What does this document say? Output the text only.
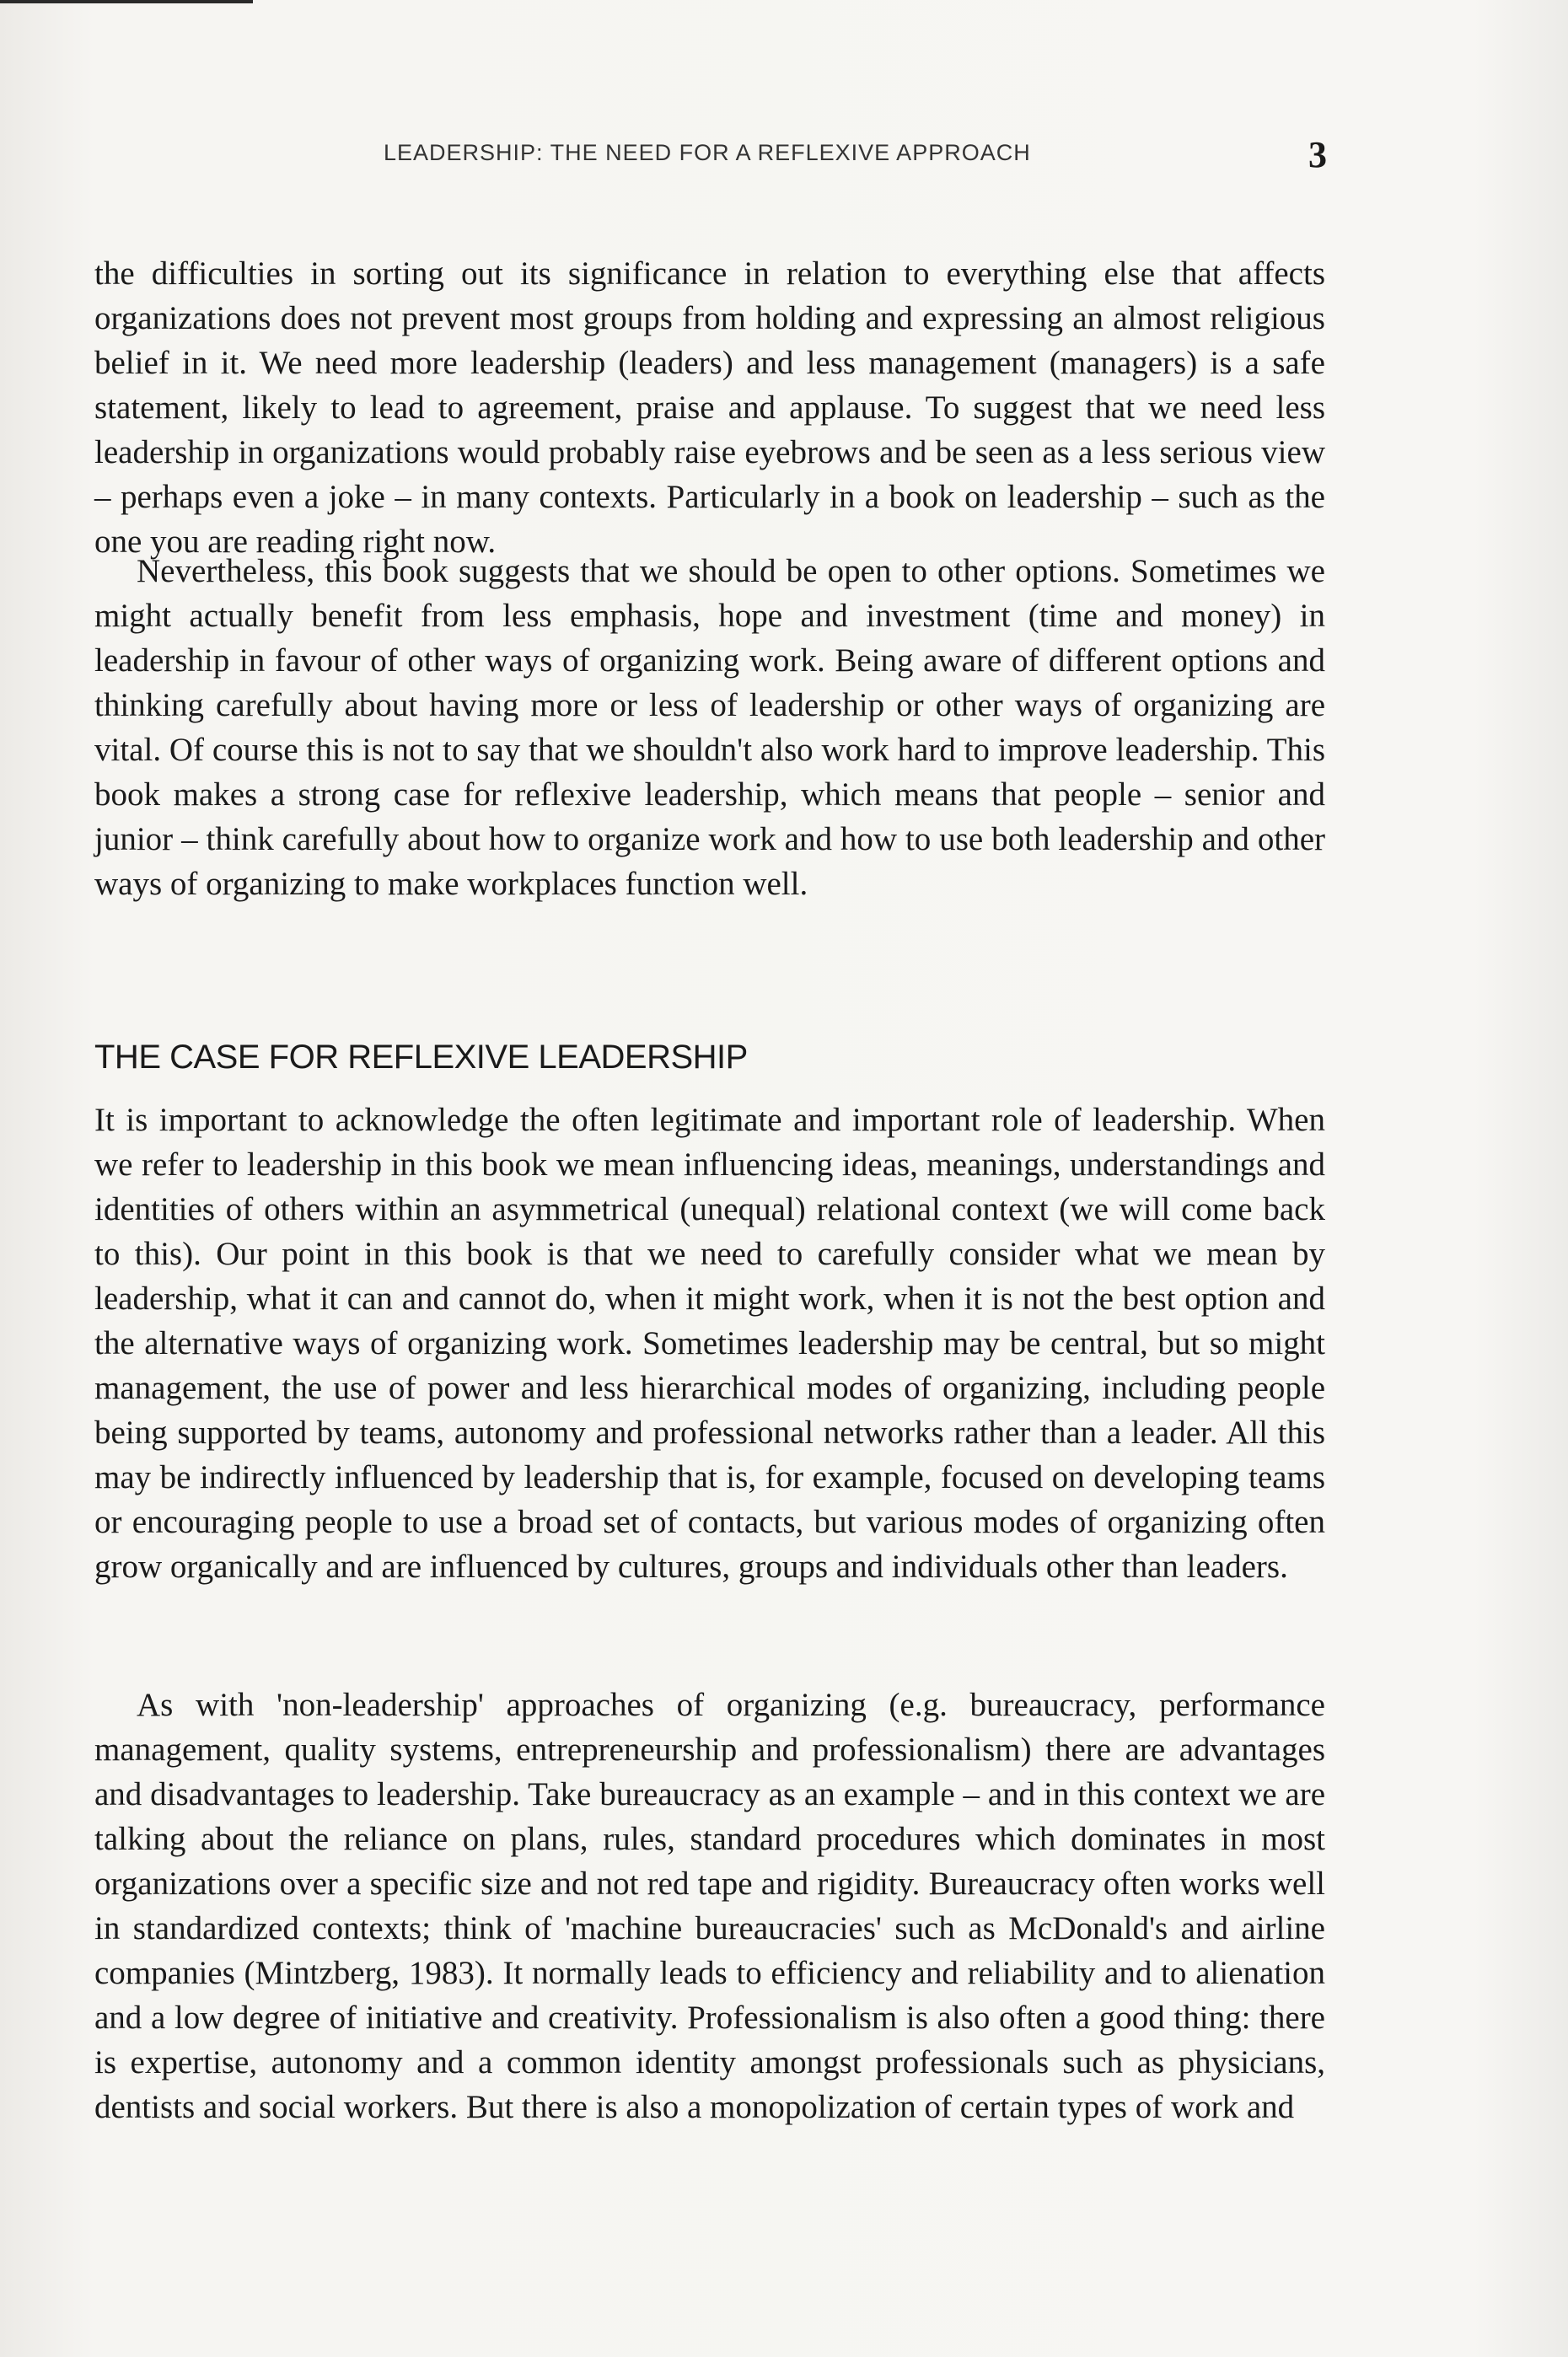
LEADERSHIP: THE NEED FOR A REFLEXIVE APPROACH	3

the difficulties in sorting out its significance in relation to everything else that affects organizations does not prevent most groups from holding and expressing an almost religious belief in it. We need more leadership (leaders) and less management (managers) is a safe statement, likely to lead to agreement, praise and applause. To suggest that we need less leadership in organizations would probably raise eyebrows and be seen as a less serious view – perhaps even a joke – in many contexts. Particularly in a book on leadership – such as the one you are reading right now.

Nevertheless, this book suggests that we should be open to other options. Sometimes we might actually benefit from less emphasis, hope and investment (time and money) in leadership in favour of other ways of organizing work. Being aware of different options and thinking carefully about having more or less of leadership or other ways of organizing are vital. Of course this is not to say that we shouldn't also work hard to improve leadership. This book makes a strong case for reflexive leadership, which means that people – senior and junior – think carefully about how to organize work and how to use both leadership and other ways of organizing to make workplaces function well.

THE CASE FOR REFLEXIVE LEADERSHIP

It is important to acknowledge the often legitimate and important role of leadership. When we refer to leadership in this book we mean influencing ideas, meanings, understandings and identities of others within an asymmetrical (unequal) relational context (we will come back to this). Our point in this book is that we need to carefully consider what we mean by leadership, what it can and cannot do, when it might work, when it is not the best option and the alternative ways of organizing work. Sometimes leadership may be central, but so might management, the use of power and less hierarchical modes of organizing, including people being supported by teams, autonomy and professional networks rather than a leader. All this may be indirectly influenced by leadership that is, for example, focused on developing teams or encouraging people to use a broad set of contacts, but various modes of organizing often grow organically and are influenced by cultures, groups and individuals other than leaders.

As with 'non-leadership' approaches of organizing (e.g. bureaucracy, performance management, quality systems, entrepreneurship and professionalism) there are advantages and disadvantages to leadership. Take bureaucracy as an example – and in this context we are talking about the reliance on plans, rules, standard procedures which dominates in most organizations over a specific size and not red tape and rigidity. Bureaucracy often works well in standardized contexts; think of 'machine bureaucracies' such as McDonald's and airline companies (Mintzberg, 1983). It normally leads to efficiency and reliability and to alienation and a low degree of initiative and creativity. Professionalism is also often a good thing: there is expertise, autonomy and a common identity amongst professionals such as physicians, dentists and social workers. But there is also a monopolization of certain types of work and
